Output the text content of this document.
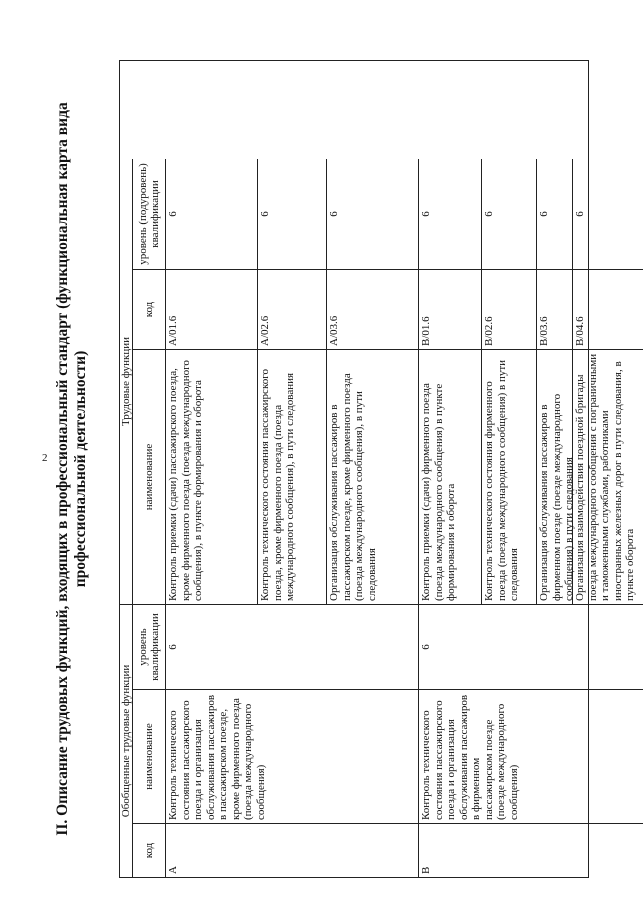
2 II. Описание трудовых функций, входящих в профессиональный стандарт (функциональная карта вида профессиональной деятельности)
Обобщенные трудовые функции
Трудовые функции
код
наименование
уровень квалификации
наименование
код
уровень (подуровень) квалификации
A
Контроль технического состояния пассажирского поезда и организация обслуживания пассажиров в пассажирском поезде, кроме фирменного поезда (поезда международного сообщения)
6
Контроль приемки (сдачи) пассажирского поезда, кроме фирменного поезда (поезда международного сообщения), в пункте формирования и оборота
A/01.6
6
Контроль технического состояния пассажирского поезда, кроме фирменного поезда (поезда международного сообщения), в пути следования
A/02.6
6
Организация обслуживания пассажиров в пассажирском поезде, кроме фирменного поезда (поезда международного сообщения), в пути следования
A/03.6
6
B
Контроль технического состояния пассажирского поезда и организация обслуживания пассажиров в фирменном пассажирском поезде (поезде международного сообщения)
6
Контроль приемки (сдачи) фирменного поезда (поезда международного сообщения) в пункте формирования и оборота
B/01.6
6
Контроль технического состояния фирменного поезда (поезда международного сообщения) в пути следования
B/02.6
6
Организация обслуживания пассажиров в фирменном поезде (поезде международного сообщения) в пути следования
B/03.6
6
Организация взаимодействия поездной бригады поезда международного сообщения с пограничными и таможенными службами, работниками иностранных железных дорог в пути следования, в пункте оборота
B/04.6
6
